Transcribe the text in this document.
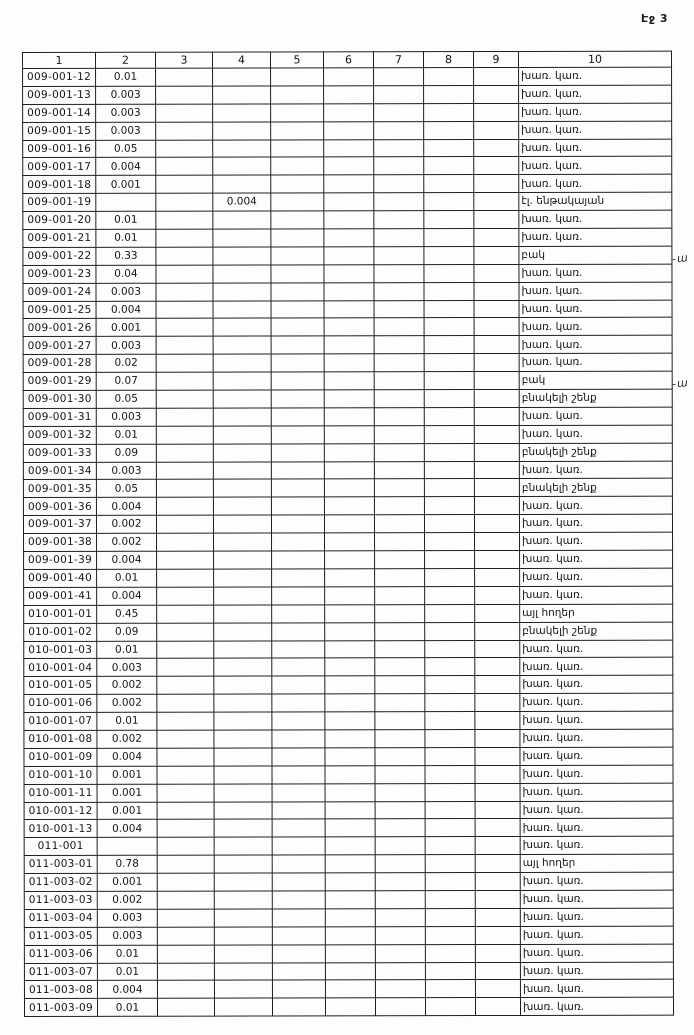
Էջ 3
1	2	3	4	5	6	7	8	9	10
009-001-12	0.01								խառ. կառ.
009-001-13	0.003								խառ. կառ.
009-001-14	0.003								խառ. կառ.
009-001-15	0.003								խառ. կառ.
009-001-16	0.05								խառ. կառ.
009-001-17	0.004								խառ. կառ.
009-001-18	0.001								խառ. կառ.
009-001-19			0.004						էլ. ենթակայան
009-001-20	0.01								խառ. կառ.
009-001-21	0.01								խառ. կառ.
009-001-22	0.33								բակ
009-001-23	0.04								խառ. կառ.
009-001-24	0.003								խառ. կառ.
009-001-25	0.004								խառ. կառ.
009-001-26	0.001								խառ. կառ.
009-001-27	0.003								խառ. կառ.
009-001-28	0.02								խառ. կառ.
009-001-29	0.07								բակ
009-001-30	0.05								բնակելի շենք
009-001-31	0.003								խառ. կառ.
009-001-32	0.01								խառ. կառ.
009-001-33	0.09								բնակելի շենք
009-001-34	0.003								խառ. կառ.
009-001-35	0.05								բնակելի շենք
009-001-36	0.004								խառ. կառ.
009-001-37	0.002								խառ. կառ.
009-001-38	0.002								խառ. կառ.
009-001-39	0.004								խառ. կառ.
009-001-40	0.01								խառ. կառ.
009-001-41	0.004								խառ. կառ.
010-001-01	0.45								այլ հողեր
010-001-02	0.09								բնակելի շենք
010-001-03	0.01								խառ. կառ.
010-001-04	0.003								խառ. կառ.
010-001-05	0.002								խառ. կառ.
010-001-06	0.002								խառ. կառ.
010-001-07	0.01								խառ. կառ.
010-001-08	0.002								խառ. կառ.
010-001-09	0.004								խառ. կառ.
010-001-10	0.001								խառ. կառ.
010-001-11	0.001								խառ. կառ.
010-001-12	0.001								խառ. կառ.
010-001-13	0.004								խառ. կառ.
011-001									խառ. կառ.
011-003-01	0.78								այլ հողեր
011-003-02	0.001								խառ. կառ.
011-003-03	0.002								խառ. կառ.
011-003-04	0.003								խառ. կառ.
011-003-05	0.003								խառ. կառ.
011-003-06	0.01								խառ. կառ.
011-003-07	0.01								խառ. կառ.
011-003-08	0.004								խառ. կառ.
011-003-09	0.01								խառ. կառ.
- ա
- ա
